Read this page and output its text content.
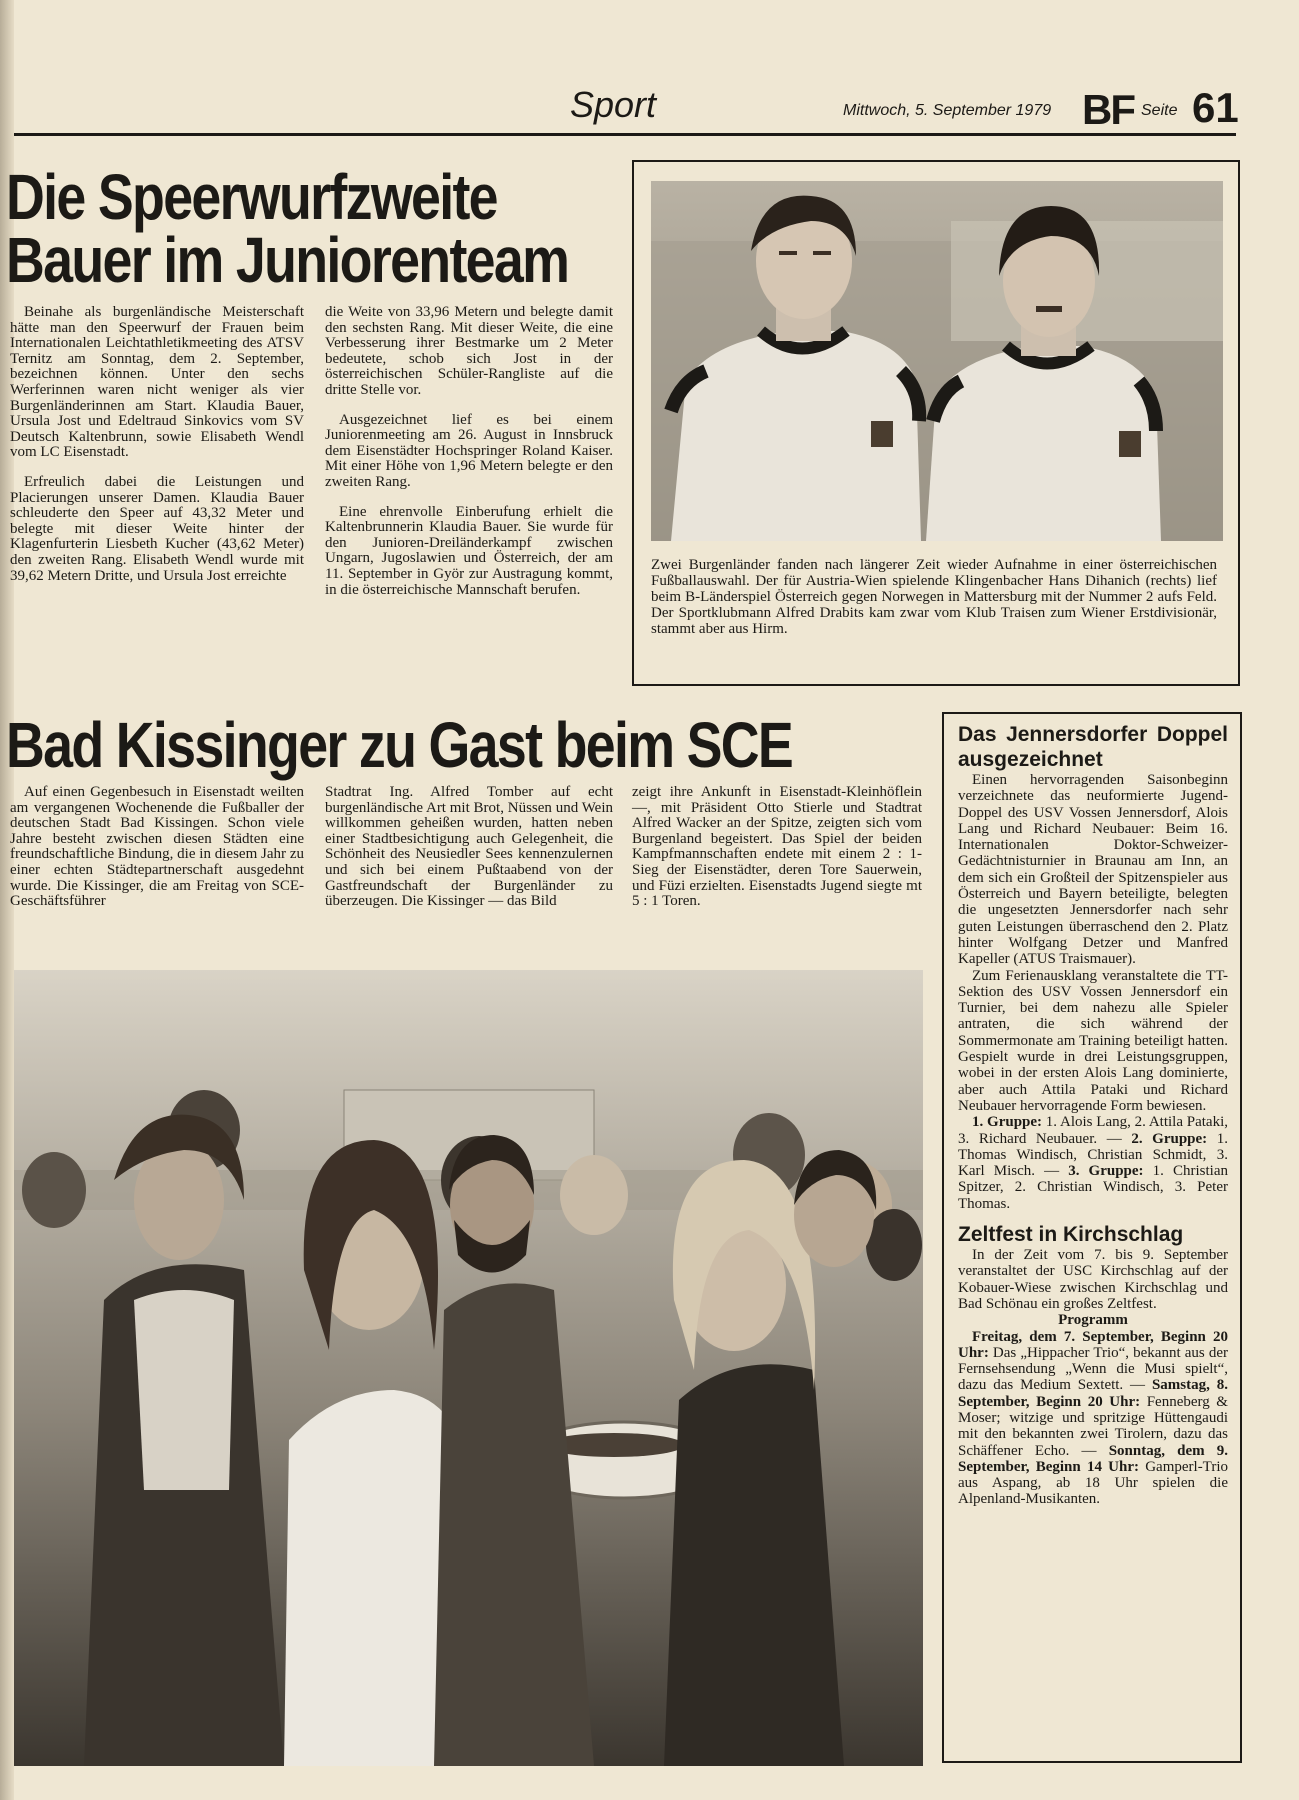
Sport	Mittwoch, 5. September 1979 BF Seite 61
Die Speerwurfzweite
Bauer im Juniorenteam

Beinahe als burgenländische Meisterschaft hätte man den Speerwurf der Frauen beim Internationalen Leichtathletikmeeting des ATSV Ternitz am Sonntag, dem 2. September, bezeichnen können. Unter den sechs Werferinnen waren nicht weniger als vier Burgenländerinnen am Start. Klaudia Bauer, Ursula Jost und Edeltraud Sinkovics vom SV Deutsch Kaltenbrunn, sowie Elisabeth Wendl vom LC Eisenstadt.

Erfreulich dabei die Leistungen und Placierungen unserer Damen. Klaudia Bauer schleuderte den Speer auf 43,32 Meter und belegte mit dieser Weite hinter der Klagenfurterin Liesbeth Kucher (43,62 Meter) den zweiten Rang. Elisabeth Wendl wurde mit 39,62 Metern Dritte, und Ursula Jost erreichte

die Weite von 33,96 Metern und belegte damit den sechsten Rang. Mit dieser Weite, die eine Verbesserung ihrer Bestmarke um 2 Meter bedeutete, schob sich Jost in der österreichischen Schüler-Rangliste auf die dritte Stelle vor.

Ausgezeichnet lief es bei einem Juniorenmeeting am 26. August in Innsbruck dem Eisenstädter Hochspringer Roland Kaiser. Mit einer Höhe von 1,96 Metern belegte er den zweiten Rang.

Eine ehrenvolle Einberufung erhielt die Kaltenbrunnerin Klaudia Bauer. Sie wurde für den Junioren-Dreiländerkampf zwischen Ungarn, Jugoslawien und Österreich, der am 11. September in Györ zur Austragung kommt, in die österreichische Mannschaft berufen.

Zwei Burgenländer fanden nach längerer Zeit wieder Aufnahme in einer österreichischen Fußballauswahl. Der für Austria-Wien spielende Klingenbacher Hans Dihanich (rechts) lief beim B-Länderspiel Österreich gegen Norwegen in Mattersburg mit der Nummer 2 aufs Feld. Der Sportklubmann Alfred Drabits kam zwar vom Klub Traisen zum Wiener Erstdivisionär, stammt aber aus Hirm.
Bad Kissinger zu Gast beim SCE

Auf einen Gegenbesuch in Eisenstadt weilten am vergangenen Wochenende die Fußballer der deutschen Stadt Bad Kissingen. Schon viele Jahre besteht zwischen diesen Städten eine freundschaftliche Bindung, die in diesem Jahr zu einer echten Städtepartnerschaft ausgedehnt wurde. Die Kissinger, die am Freitag von SCE-Geschäftsführer

Stadtrat Ing. Alfred Tomber auf echt burgenländische Art mit Brot, Nüssen und Wein willkommen geheißen wurden, hatten neben einer Stadtbesichtigung auch Gelegenheit, die Schönheit des Neusiedler Sees kennenzulernen und sich bei einem Pußtaabend von der Gastfreundschaft der Burgenländer zu überzeugen. Die Kissinger — das Bild

zeigt ihre Ankunft in Eisenstadt-Kleinhöflein —, mit Präsident Otto Stierle und Stadtrat Alfred Wacker an der Spitze, zeigten sich vom Burgenland begeistert. Das Spiel der beiden Kampfmannschaften endete mit einem 2 : 1-Sieg der Eisenstädter, deren Tore Sauerwein, und Füzi erzielten. Eisenstadts Jugend siegte mt 5 : 1 Toren.

Das Jennersdorfer Doppel ausgezeichnet

Einen hervorragenden Saisonbeginn verzeichnete das neuformierte Jugend-Doppel des USV Vossen Jennersdorf, Alois Lang und Richard Neubauer: Beim 16. Internationalen Doktor-Schweizer-Gedächtnisturnier in Braunau am Inn, an dem sich ein Großteil der Spitzenspieler aus Österreich und Bayern beteiligte, belegten die ungesetzten Jennersdorfer nach sehr guten Leistungen überraschend den 2. Platz hinter Wolfgang Detzer und Manfred Kapeller (ATUS Traismauer).

Zum Ferienausklang veranstaltete die TT-Sektion des USV Vossen Jennersdorf ein Turnier, bei dem nahezu alle Spieler antraten, die sich während der Sommermonate am Training beteiligt hatten. Gespielt wurde in drei Leistungsgruppen, wobei in der ersten Alois Lang dominierte, aber auch Attila Pataki und Richard Neubauer hervorragende Form bewiesen.

1. Gruppe: 1. Alois Lang, 2. Attila Pataki, 3. Richard Neubauer. — 2. Gruppe: 1. Thomas Windisch, Christian Schmidt, 3. Karl Misch. — 3. Gruppe: 1. Christian Spitzer, 2. Christian Windisch, 3. Peter Thomas.

Zeltfest in Kirchschlag

In der Zeit vom 7. bis 9. September veranstaltet der USC Kirchschlag auf der Kobauer-Wiese zwischen Kirchschlag und Bad Schönau ein großes Zeltfest.

Programm

Freitag, dem 7. September, Beginn 20 Uhr: Das „Hippacher Trio“, bekannt aus der Fernsehsendung „Wenn die Musi spielt“, dazu das Medium Sextett. — Samstag, 8. September, Beginn 20 Uhr: Fenneberg & Moser; witzige und spritzige Hüttengaudi mit den bekannten zwei Tirolern, dazu das Schäffener Echo. — Sonntag, dem 9. September, Beginn 14 Uhr: Gamperl-Trio aus Aspang, ab 18 Uhr spielen die Alpenland-Musikanten.
